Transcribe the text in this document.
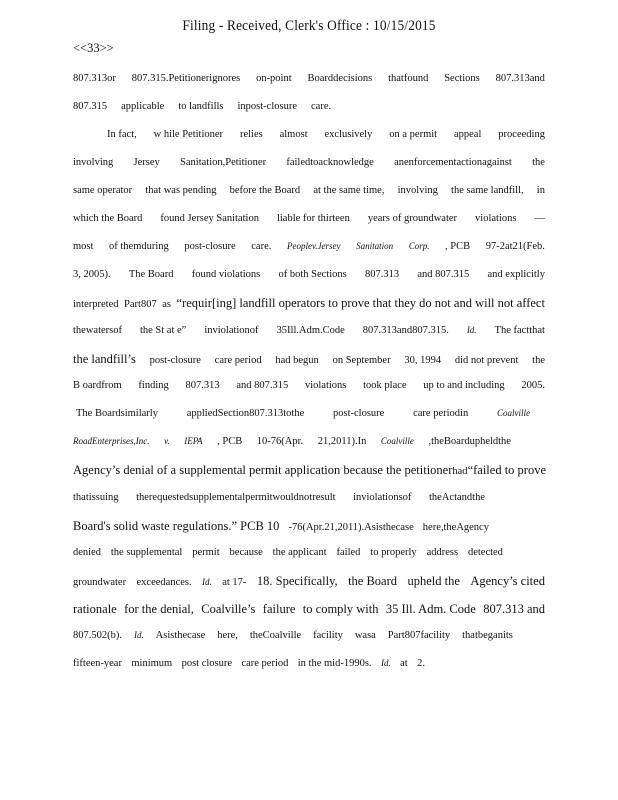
Filing - Received, Clerk's Office : 10/15/2015
<<33>>
807.313or 807.315.Petitionerignores on-point Boarddecisions thatfound Sections 807.313and
807.315 applicable to landfills inpost-closure care.
In fact, w hile Petitioner relies almost exclusively on a permit appeal proceeding
involving Jersey Sanitation,Petitioner failedtoacknowledge anenforcementactionagainst the
same operator that was pending before the Board at the same time, involving the same landfill, in
which the Board found Jersey Sanitation liable for thirteen years of groundwater violations —
most of themduring post-closure care. Peoplev.Jersey Sanitation Corp. , PCB 97-2at21(Feb.
3, 2005). The Board found violations of both Sections 807.313 and 807.315 and explicitly
interpreted Part807 as “requir[ing] landfill operators to prove that they do not and will not affect
thewatersof the St at e” inviolationof 35Ill.Adm.Code 807.313and807.315. Id. The factthat
the landfill’s post-closure care period had begun on September 30, 1994 did not prevent the
B oardfrom finding 807.313 and 807.315 violations took place up to and including 2005.
The Boardsimilarly	appliedSection807.313tothe	post-closure	care periodin	Coalville
RoadEnterprises,Inc. v. IEPA , PCB 10-76(Apr. 21,2011).In Coalville ,theBoardupheldthe
Agency’s denial of a supplemental permit application because the petitioner had “failed to prove
thatissuing therequestedsupplementalpermitwouldnotresult inviolationsof theActandthe
Board's solid waste regulations.” PCB 10 -76(Apr.21,2011).Asisthecase here,theAgency
denied the supplemental permit because the applicant failed to properly address detected
groundwater exceedances. Id. at 17- 18. Specifically, the Board upheld the Agency’s cited
rationale for the denial, Coalville’s failure to comply with 35 Ill. Adm. Code 807.313 and
807.502(b). Id. Asisthecase here, theCoalville facility wasa Part807facility thatbeganits
fifteen-year minimum post closure care period in the mid-1990s. Id. at 2.
